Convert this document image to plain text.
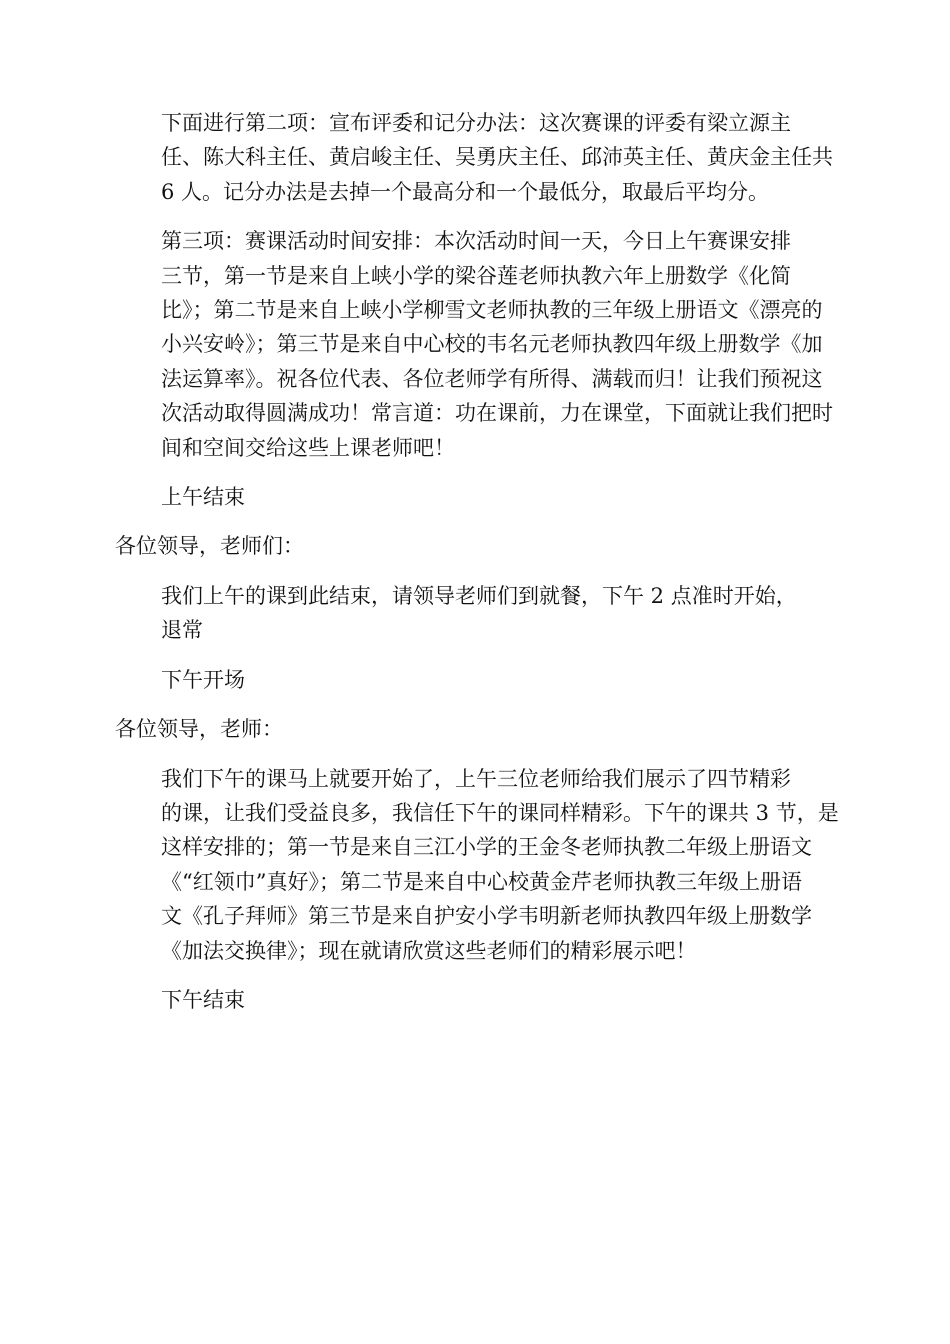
下面进行第二项：宣布评委和记分办法：这次赛课的评委有梁立源主
任、陈大科主任、黄启峻主任、吴勇庆主任、邱沛英主任、黄庆金主任共
6 人。记分办法是去掉一个最高分和一个最低分，取最后平均分。

第三项：赛课活动时间安排：本次活动时间一天，今日上午赛课安排
三节，第一节是来自上峡小学的梁谷莲老师执教六年上册数学《化简
比》；第二节是来自上峡小学柳雪文老师执教的三年级上册语文《漂亮的
小兴安岭》；第三节是来自中心校的韦名元老师执教四年级上册数学《加
法运算率》。祝各位代表、各位老师学有所得、满载而归！让我们预祝这
次活动取得圆满成功！常言道：功在课前，力在课堂，下面就让我们把时
间和空间交给这些上课老师吧！

上午结束

各位领导，老师们：

我们上午的课到此结束，请领导老师们到就餐，下午 2 点准时开始，
退常

下午开场

各位领导，老师：

我们下午的课马上就要开始了，上午三位老师给我们展示了四节精彩
的课，让我们受益良多，我信任下午的课同样精彩。下午的课共 3 节，是
这样安排的；第一节是来自三江小学的王金冬老师执教二年级上册语文
《“红领巾”真好》；第二节是来自中心校黄金芹老师执教三年级上册语
文《孔子拜师》第三节是来自护安小学韦明新老师执教四年级上册数学
《加法交换律》；现在就请欣赏这些老师们的精彩展示吧！

下午结束
